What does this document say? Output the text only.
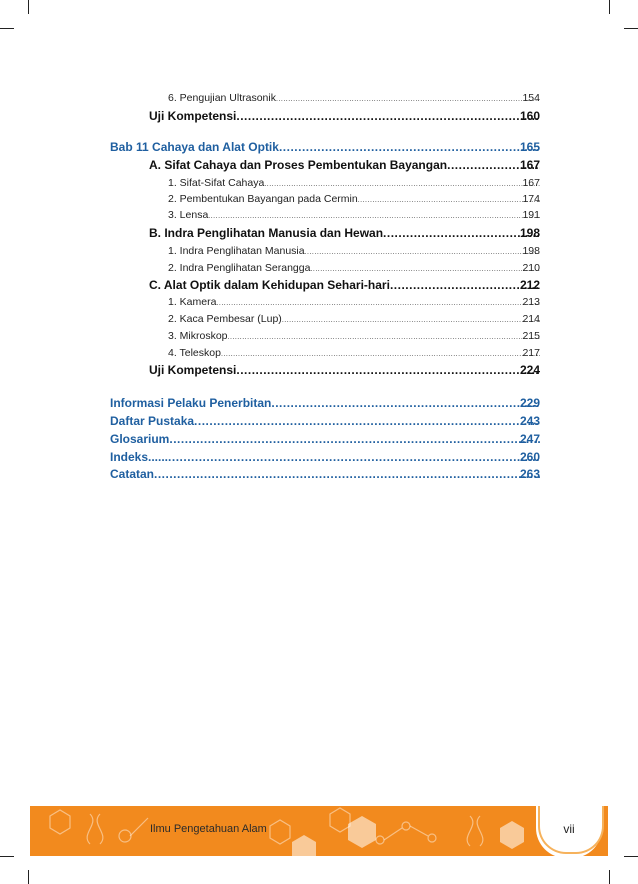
6. Pengujian Ultrasonik .....	154
Uji Kompetensi .....	160
Bab 11 Cahaya dan Alat Optik .....	165
A. Sifat Cahaya dan Proses Pembentukan Bayangan .....	167
1. Sifat-Sifat Cahaya .....	167
2. Pembentukan Bayangan pada Cermin .....	174
3. Lensa .....	191
B. Indra Penglihatan Manusia dan Hewan .....	198
1. Indra Penglihatan Manusia .....	198
2. Indra Penglihatan Serangga .....	210
C. Alat Optik dalam Kehidupan Sehari-hari .....	212
1. Kamera .....	213
2. Kaca Pembesar (Lup) .....	214
3. Mikroskop .....	215
4. Teleskop .....	217
Uji Kompetensi .....	224
Informasi Pelaku Penerbitan .....	229
Daftar Pustaka .....	243
Glosarium .....	247
Indeks...... .....	260
Catatan .....	263
Ilmu Pengetahuan Alam	vii
